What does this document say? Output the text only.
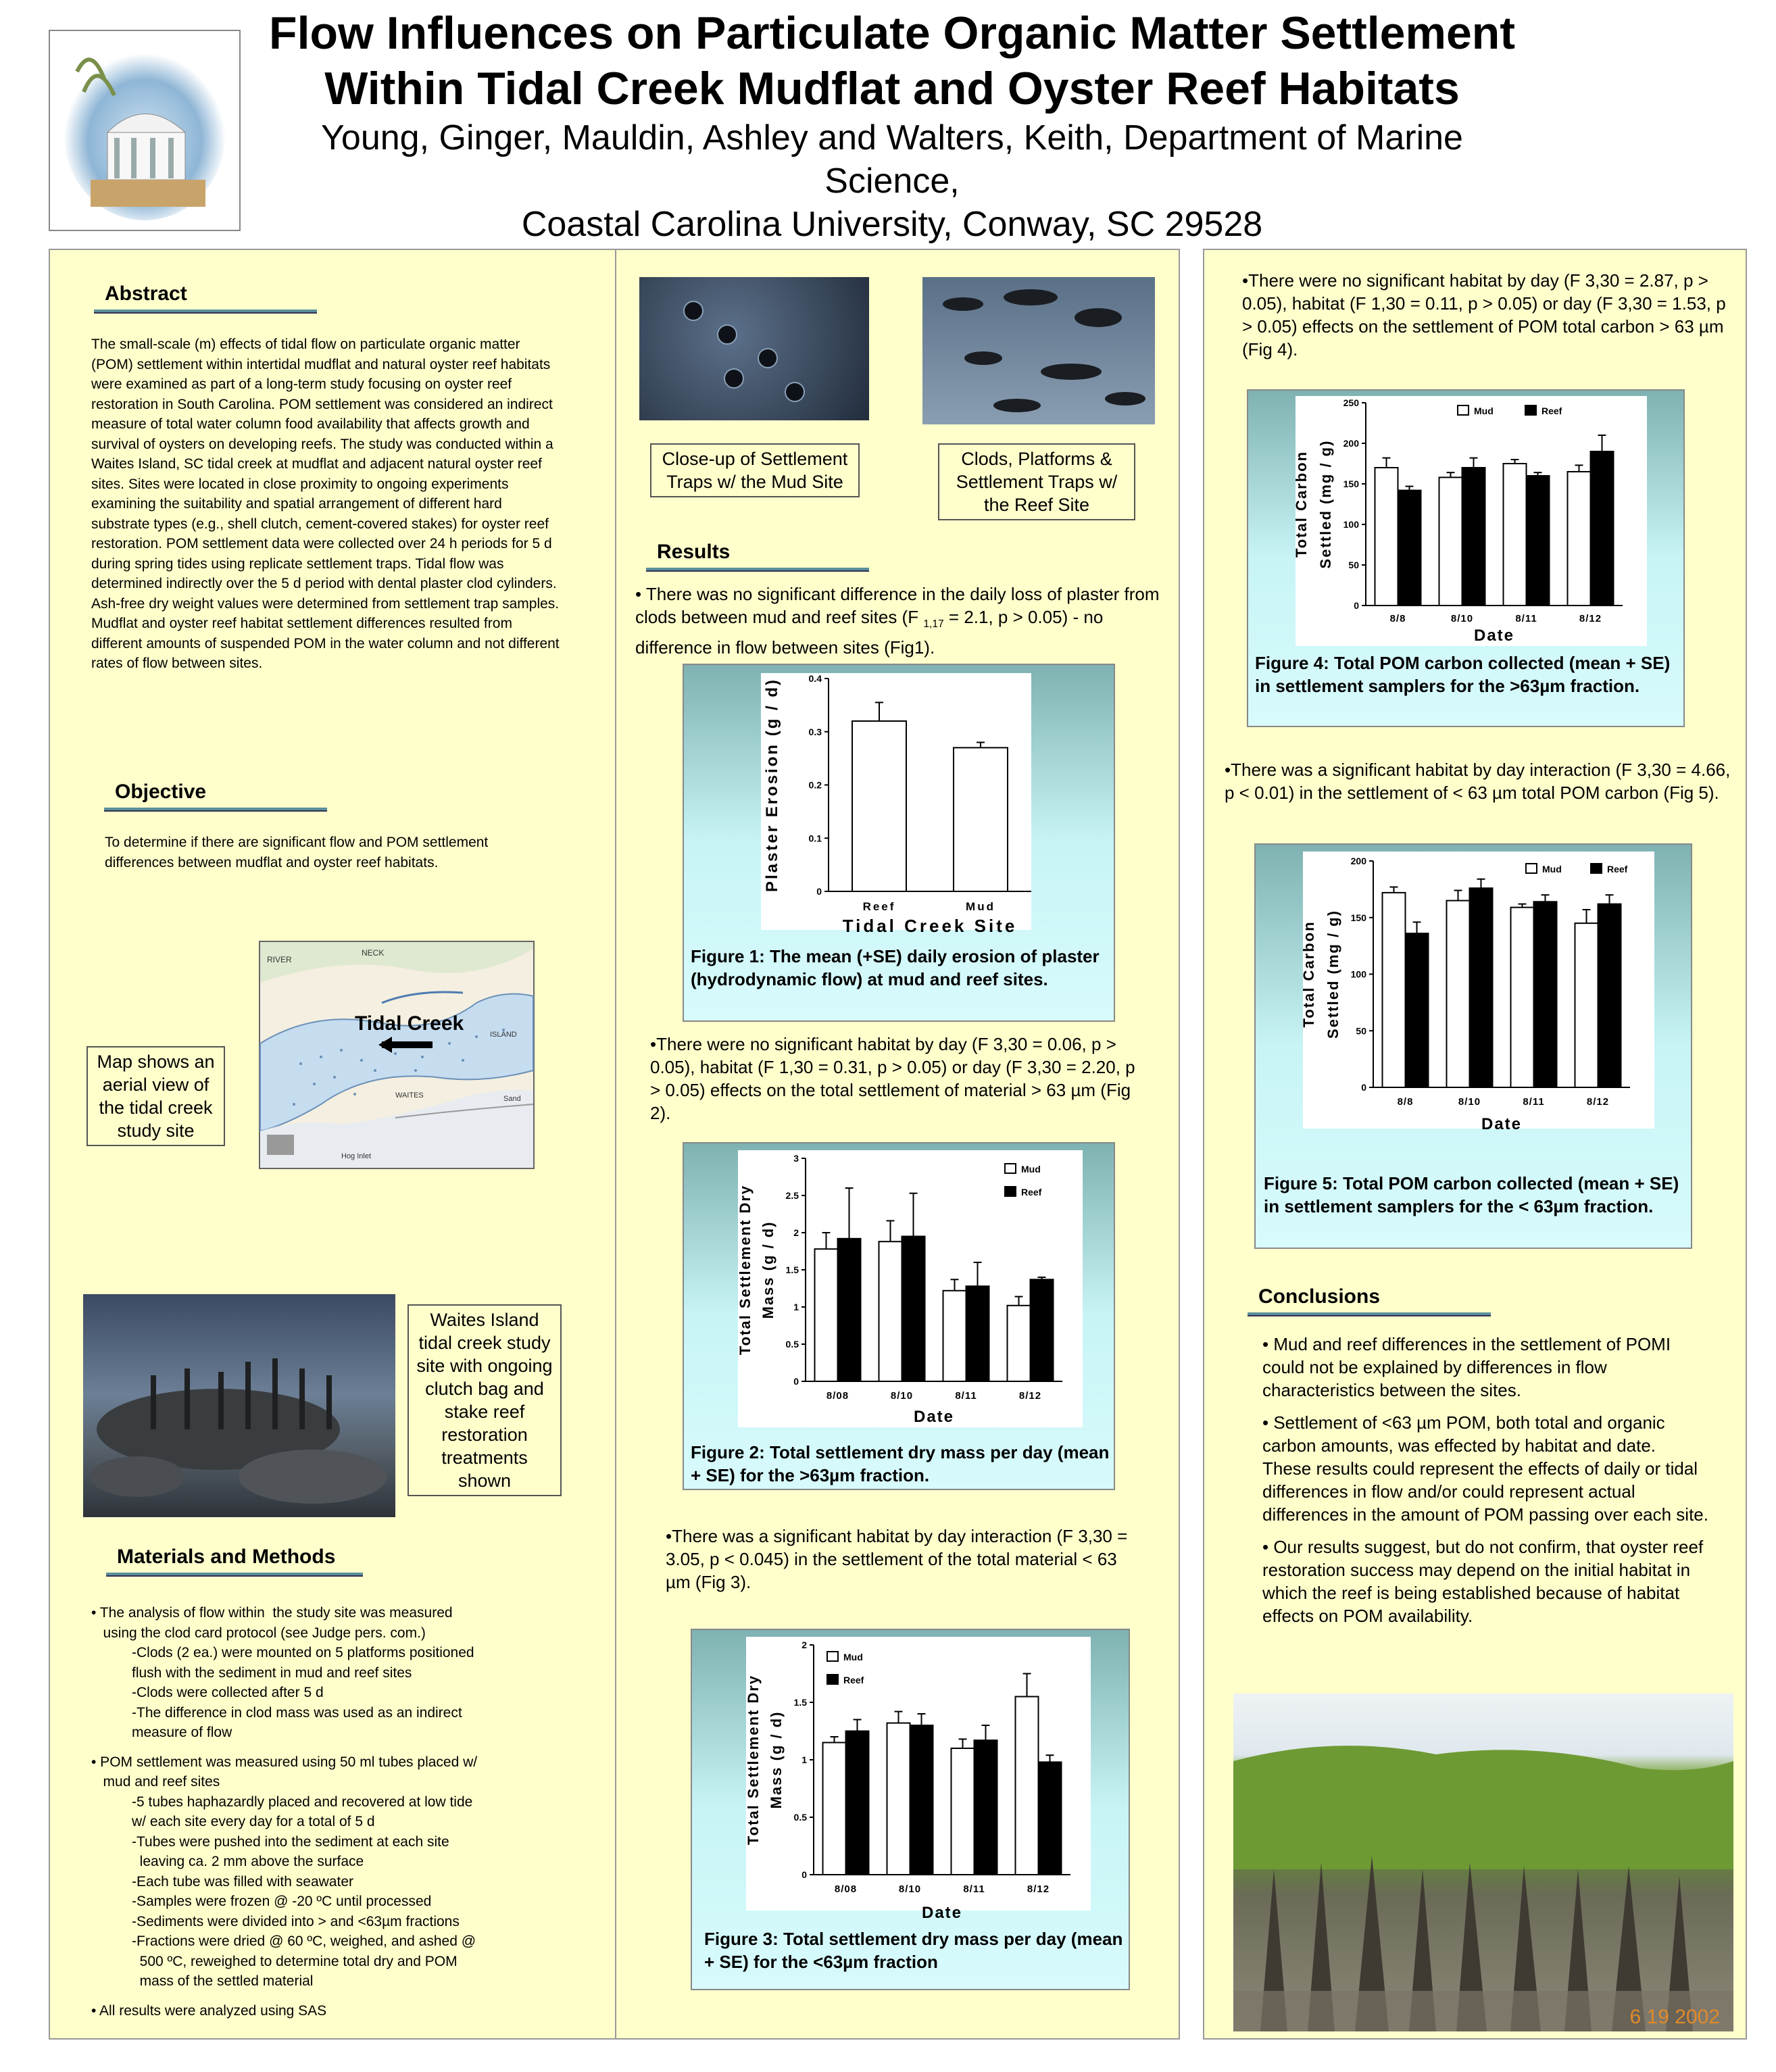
Flow Influences on Particulate Organic Matter Settlement
Within Tidal Creek Mudflat and Oyster Reef Habitats
Young, Ginger, Mauldin, Ashley and Walters, Keith, Department of Marine Science,
Coastal Carolina University, Conway, SC 29528
Abstract
The small-scale (m) effects of tidal flow on particulate organic matter (POM) settlement within intertidal mudflat and natural oyster reef habitats were examined as part of a long-term study focusing on oyster reef restoration in South Carolina. POM settlement was considered an indirect measure of total water column food availability that affects growth and survival of oysters on developing reefs. The study was conducted within a Waites Island, SC tidal creek at mudflat and adjacent natural oyster reef sites. Sites were located in close proximity to ongoing experiments examining the suitability and spatial arrangement of different hard substrate types (e.g., shell clutch, cement-covered stakes) for oyster reef restoration. POM settlement data were collected over 24 h periods for 5 d during spring tides using replicate settlement traps. Tidal flow was determined indirectly over the 5 d period with dental plaster clod cylinders. Ash-free dry weight values were determined from settlement trap samples. Mudflat and oyster reef habitat settlement differences resulted from different amounts of suspended POM in the water column and not different rates of flow between sites.
Objective
To determine if there are significant flow and POM settlement differences between mudflat and oyster reef habitats.
RIVER
NECK
ISLAND
WAITES
Hog Inlet
Sand
Tidal Creek
Map shows an aerial view of the tidal creek study site
Waites Island tidal creek study site with ongoing clutch bag and stake reef restoration treatments shown
Materials and Methods
• The analysis of flow within  the study site was measured
using the clod card protocol (see Judge pers. com.)
-Clods (2 ea.) were mounted on 5 platforms positioned
flush with the sediment in mud and reef sites
-Clods were collected after 5 d
-The difference in clod mass was used as an indirect
measure of flow
• POM settlement was measured using 50 ml tubes placed w/
mud and reef sites
-5 tubes haphazardly placed and recovered at low tide
w/ each site every day for a total of 5 d
-Tubes were pushed into the sediment at each site
leaving ca. 2 mm above the surface
-Each tube was filled with seawater
-Samples were frozen @ -20 ºC until processed
-Sediments were divided into > and <63µm fractions
-Fractions were dried @ 60 ºC, weighed, and ashed @
500 ºC, reweighed to determine total dry and POM
mass of the settled material
• All results were analyzed using SAS
Close-up of Settlement Traps w/ the Mud Site
Clods, Platforms & Settlement Traps w/ the Reef Site
Results
• There was no significant difference in the daily loss of plaster from clods between mud and reef sites (F $_{1,17}$ = 2.1, p > 0.05) - no difference in flow between sites (Fig1).
0
0.1
0.2
0.3
0.4
Reef	Mud
Tidal Creek Site
Plaster Erosion (g / d)
Figure 1: The mean (+SE) daily erosion of plaster (hydrodynamic flow) at mud and reef sites.
•There were no significant habitat by day (F 3,30 = 0.06, p > 0.05), habitat (F 1,30 = 0.31, p > 0.05) or day (F 3,30 = 2.20, p > 0.05) effects on the total settlement of material > 63 µm (Fig 2).
0
0.5
1
1.5
2
2.5
3
8/08	8/10	8/11	8/12
Date
Total Settlement Dry Mass (g / d)
Mud
Reef
Figure 2: Total settlement dry mass per day (mean + SE) for the >63µm fraction.
•There was a significant habitat by day interaction (F 3,30 = 3.05, p < 0.045) in the settlement of the total material < 63 µm (Fig 3).
0
0.5
1
1.5
2
8/08	8/10	8/11	8/12
Date
Total Settlement Dry Mass (g / d)
Mud
Reef
Figure 3: Total settlement dry mass per day (mean + SE) for the <63µm fraction
•There were no significant habitat by day (F 3,30 = 2.87, p > 0.05), habitat (F 1,30 = 0.11, p > 0.05) or day (F 3,30 = 1.53, p > 0.05) effects on the settlement of POM total carbon > 63 µm (Fig 4).
0
50
100
150
200
250
8/8	8/10	8/11	8/12
Date
Total Carbon Settled (mg / g)
Mud	Reef
Figure 4: Total POM carbon collected (mean + SE) in settlement samplers for the >63µm fraction.
•There was a significant habitat by day interaction (F 3,30 = 4.66, p < 0.01) in the settlement of < 63 µm total POM carbon (Fig 5).
0
50
100
150
200
8/8	8/10	8/11	8/12
Date
Total Carbon Settled (mg / g)
Mud	Reef
Figure 5: Total POM carbon collected (mean + SE) in settlement samplers for the < 63µm fraction.
Conclusions
• Mud and reef differences in the settlement of POMI could not be explained by differences in flow characteristics between the sites.
• Settlement of <63 µm POM, both total and organic carbon amounts, was effected by habitat and date. These results could represent the effects of daily or tidal differences in flow and/or could represent actual differences in the amount of POM passing over each site.
• Our results suggest, but do not confirm, that oyster reef restoration success may depend on the initial habitat in which the reef is being established because of habitat effects on POM availability.
6 19 2002
